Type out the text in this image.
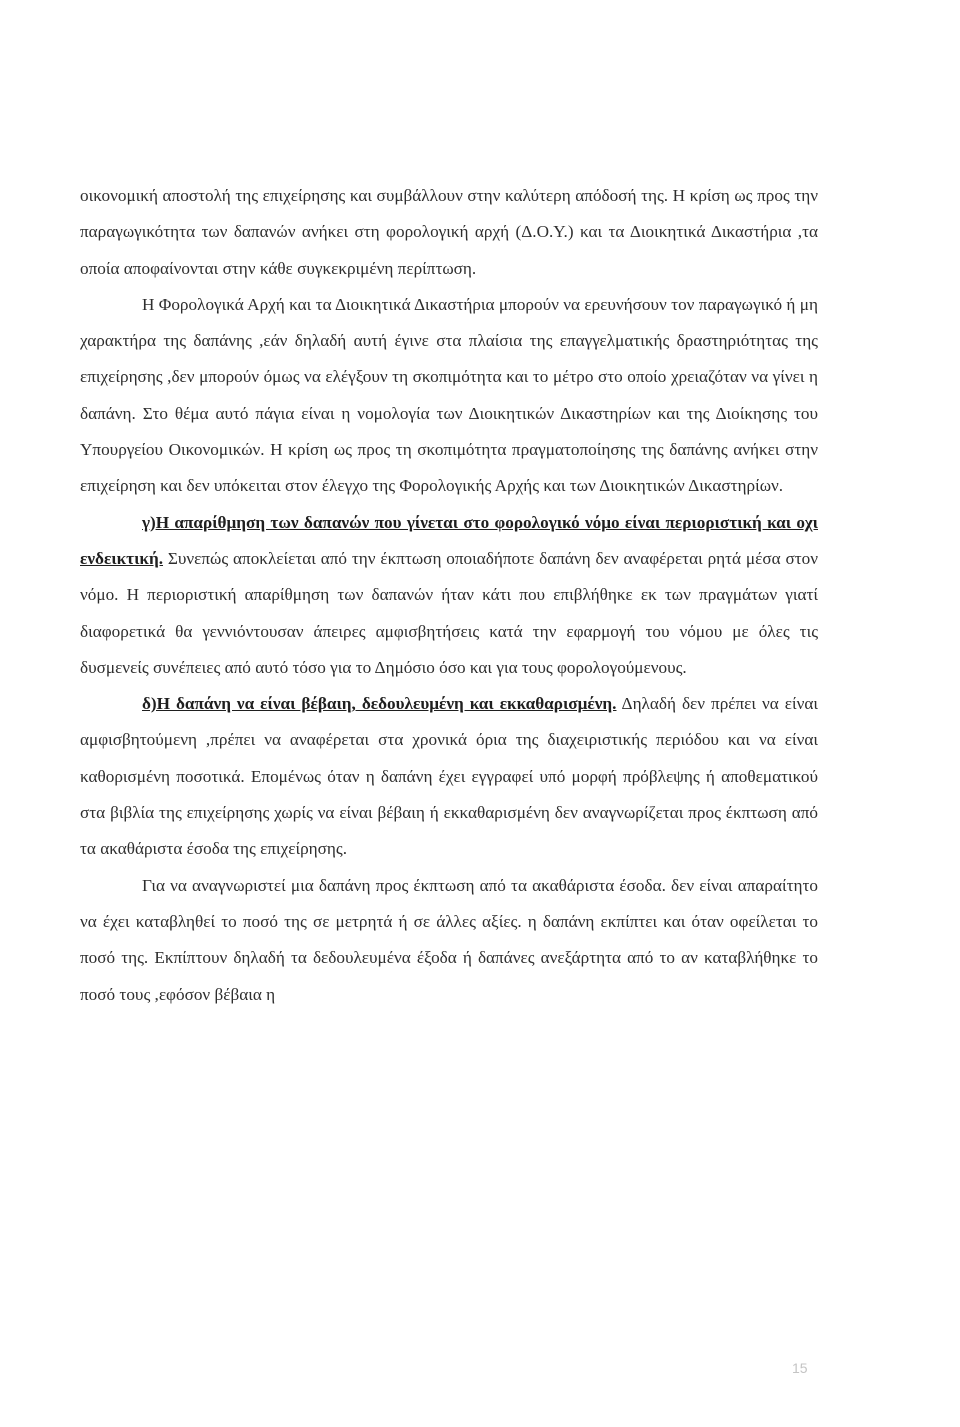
οικονομική αποστολή της επιχείρησης και συμβάλλουν στην καλύτερη απόδοσή της. Η κρίση ως προς την παραγωγικότητα των δαπανών ανήκει στη φορολογική αρχή (Δ.Ο.Υ.) και τα Διοικητικά Δικαστήρια ,τα οποία αποφαίνονται στην κάθε συγκεκριμένη περίπτωση.

Η Φορολογικά Αρχή και τα Διοικητικά Δικαστήρια μπορούν να ερευνήσουν τον παραγωγικό ή μη χαρακτήρα της δαπάνης ,εάν δηλαδή αυτή έγινε στα πλαίσια της επαγγελματικής δραστηριότητας της επιχείρησης ,δεν μπορούν όμως να ελέγξουν τη σκοπιμότητα και το μέτρο στο οποίο χρειαζόταν να γίνει η δαπάνη. Στο θέμα αυτό πάγια είναι η νομολογία των Διοικητικών Δικαστηρίων και της Διοίκησης του Υπουργείου Οικονομικών. Η κρίση ως προς τη σκοπιμότητα πραγματοποίησης της δαπάνης ανήκει στην επιχείρηση και δεν υπόκειται στον έλεγχο της Φορολογικής Αρχής και των Διοικητικών Δικαστηρίων.

γ)Η απαρίθμηση των δαπανών που γίνεται στο φορολογικό νόμο είναι περιοριστική και οχι ενδεικτική. Συνεπώς αποκλείεται από την έκπτωση οποιαδήποτε δαπάνη δεν αναφέρεται ρητά μέσα στον νόμο. Η περιοριστική απαρίθμηση των δαπανών ήταν κάτι που επιβλήθηκε εκ των πραγμάτων γιατί διαφορετικά θα γεννιόντουσαν άπειρες αμφισβητήσεις κατά την εφαρμογή του νόμου με όλες τις δυσμενείς συνέπειες από αυτό τόσο για το Δημόσιο όσο και για τους φορολογούμενους.

δ)Η δαπάνη να είναι βέβαιη, δεδουλευμένη και εκκαθαρισμένη. Δηλαδή δεν πρέπει να είναι αμφισβητούμενη ,πρέπει να αναφέρεται στα χρονικά όρια της διαχειριστικής περιόδου και να είναι καθορισμένη ποσοτικά. Επομένως όταν η δαπάνη έχει εγγραφεί υπό μορφή πρόβλεψης ή αποθεματικού στα βιβλία της επιχείρησης χωρίς να είναι βέβαιη ή εκκαθαρισμένη δεν αναγνωρίζεται προς έκπτωση από τα ακαθάριστα έσοδα της επιχείρησης.

Για να αναγνωριστεί μια δαπάνη προς έκπτωση από τα ακαθάριστα έσοδα. δεν είναι απαραίτητο να έχει καταβληθεί το ποσό της σε μετρητά ή σε άλλες αξίες. η δαπάνη εκπίπτει και όταν οφείλεται το ποσό της. Εκπίπτουν δηλαδή τα δεδουλευμένα έξοδα ή δαπάνες ανεξάρτητα από το αν καταβλήθηκε το ποσό τους ,εφόσον βέβαια η

15
